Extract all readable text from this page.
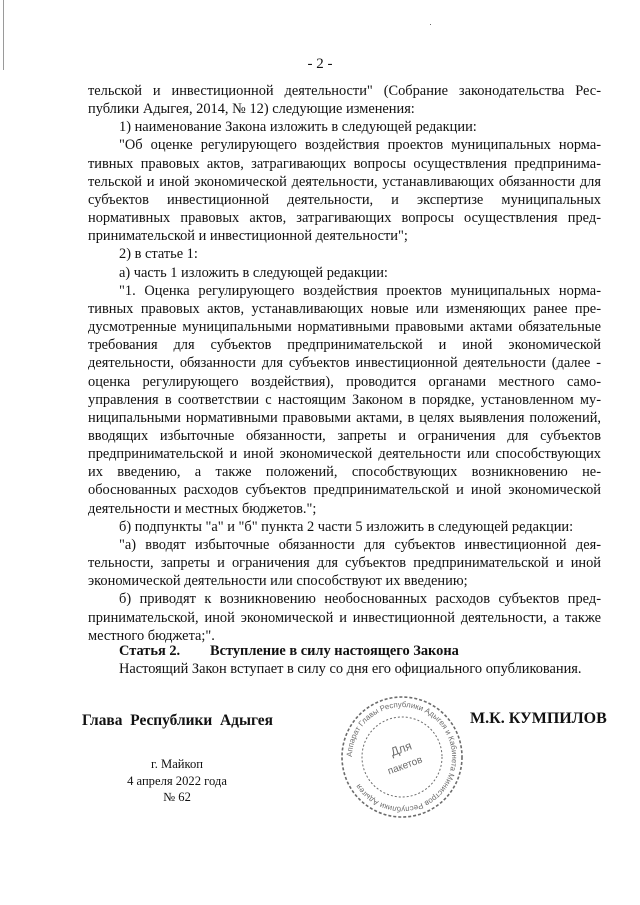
- 2 -

тельской и инвестиционной деятельности" (Собрание законодательства Республики Адыгея, 2014, № 12) следующие изменения:

1) наименование Закона изложить в следующей редакции:

"Об оценке регулирующего воздействия проектов муниципальных нормативных правовых актов, затрагивающих вопросы осуществления предпринимательской и иной экономической деятельности, устанавливающих обязанности для субъектов инвестиционной деятельности, и экспертизе муниципальных нормативных правовых актов, затрагивающих вопросы осуществления предпринимательской и инвестиционной деятельности";

2) в статье 1:

а) часть 1 изложить в следующей редакции:

"1. Оценка регулирующего воздействия проектов муниципальных нормативных правовых актов, устанавливающих новые или изменяющих ранее предусмотренные муниципальными нормативными правовыми актами обязательные требования для субъектов предпринимательской и иной экономической деятельности, обязанности для субъектов инвестиционной деятельности (далее - оценка регулирующего воздействия), проводится органами местного самоуправления в соответствии с настоящим Законом в порядке, установленном муниципальными нормативными правовыми актами, в целях выявления положений, вводящих избыточные обязанности, запреты и ограничения для субъектов предпринимательской и иной экономической деятельности или способствующих их введению, а также положений, способствующих возникновению необоснованных расходов субъектов предпринимательской и иной экономической деятельности и местных бюджетов.";

б) подпункты "а" и "б" пункта 2 части 5 изложить в следующей редакции:

"а) вводят избыточные обязанности для субъектов инвестиционной деятельности, запреты и ограничения для субъектов предпринимательской и иной экономической деятельности или способствуют их введению;

б) приводят к возникновению необоснованных расходов субъектов предпринимательской, иной экономической и инвестиционной деятельности, а также местного бюджета;".

Статья 2. Вступление в силу настоящего Закона
Настоящий Закон вступает в силу со дня его официального опубликования.
Глава Республики Адыгея	М.К. КУМПИЛОВ
Аппарат Главы Республики Адыгея и Кабинета Министров Республики Адыгея
Для
пакетов
г. Майкоп
4 апреля 2022 года
№ 62
